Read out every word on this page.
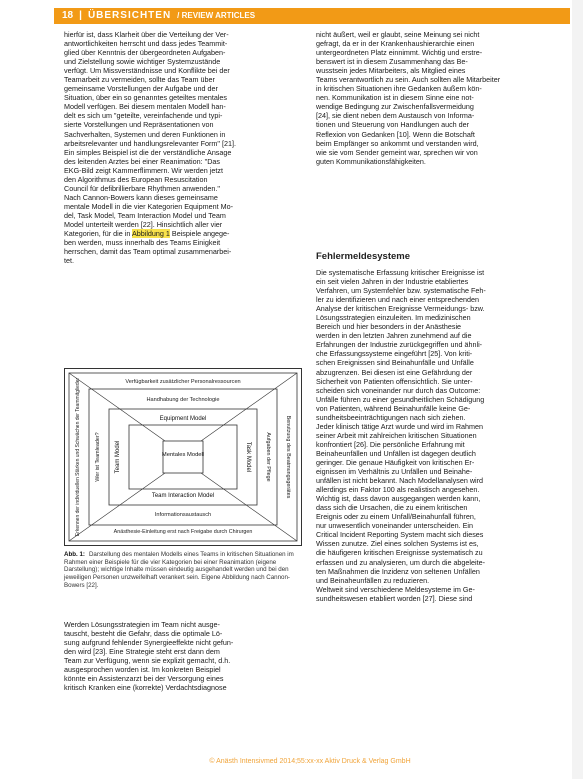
18 | ÜBERSICHTEN / REVIEW ARTICLES

hierfür ist, dass Klarheit über die Verteilung der Ver-
antwortlichkeiten herrscht und dass jedes Teammit-
glied über Kenntnis der übergeordneten Aufgaben-
und Zielstellung sowie wichtiger Systemzustände
verfügt. Um Missverständnisse und Konflikte bei der
Teamarbeit zu vermeiden, sollte das Team über
gemeinsame Vorstellungen der Aufgabe und der
Situation, über ein so genanntes geteiltes mentales
Modell verfügen. Bei diesem mentalen Modell han-
delt es sich um "geteilte, vereinfachende und typi-
sierte Vorstellungen und Repräsentationen von
Sachverhalten, Systemen und deren Funktionen in
arbeitsrelevanter und handlungsrelevanter Form" [21].
Ein simples Beispiel ist die der verständliche Ansage
des leitenden Arztes bei einer Reanimation: "Das
EKG-Bild zeigt Kammerflimmern. Wir werden jetzt
den Algorithmus des European Resuscitation
Council für defibrillierbare Rhythmen anwenden."
Nach Cannon-Bowers kann dieses gemeinsame
mentale Modell in die vier Kategorien Equipment Mo-
del, Task Model, Team Interaction Model und Team
Model unterteilt werden [22]. Hinsichtlich aller vier
Kategorien, für die in Abbildung 1 Beispiele angege-
ben werden, muss innerhalb des Teams Einigkeit
herrschen, damit das Team optimal zusammenarbei-
tet.

Verfügbarkeit zusätzlicher Personalressourcen
Handhabung der Technologie
Equipment Model
Team Interaction Model
Informationsaustausch
Anästhesie-Einleitung erst nach Freigabe durch Chirurgen
Mentales Modell
Erkennen der individuellen Stärken und Schwächen der Teammitglieder	Wer ist Teamleader? Team Model	Task Model	Aufgaben der Pflege	Benutzung des Beatmungsgerätes
Abb. 1: Darstellung des mentalen Modells eines Teams in kritischen Situationen im Rahmen einer Beispiele für die vier Kategorien bei einer Reanimation (eigene Darstellung); wichtige Inhalte müssen eindeutig ausgehandelt werden und bei den jeweiligen Personen unzweifelhaft verankert sein. Eigene Abbildung nach Cannon-Bowers [22].

Werden Lösungsstrategien im Team nicht ausge-
tauscht, besteht die Gefahr, dass die optimale Lö-
sung aufgrund fehlender Synergieeffekte nicht gefun-
den wird [23]. Eine Strategie steht erst dann dem
Team zur Verfügung, wenn sie explizit gemacht, d.h.
ausgesprochen worden ist. Im konkreten Beispiel
könnte ein Assistenzarzt bei der Versorgung eines
kritisch Kranken eine (korrekte) Verdachtsdiagnose

nicht äußert, weil er glaubt, seine Meinung sei nicht
gefragt, da er in der Krankenhaushierarchie einen
untergeordneten Platz einnimmt. Wichtig und erstre-
benswert ist in diesem Zusammenhang das Be-
wusstsein jedes Mitarbeiters, als Mitglied eines
Teams verantwortlich zu sein. Auch sollten alle Mitarbeiter
in kritischen Situationen ihre Gedanken äußern kön-
nen. Kommunikation ist in diesem Sinne eine not-
wendige Bedingung zur Zwischenfallsvermeidung
[24], sie dient neben dem Austausch von Informa-
tionen und Steuerung von Handlungen auch der
Reflexion von Gedanken [10]. Wenn die Botschaft
beim Empfänger so ankommt und verstanden wird,
wie sie vom Sender gemeint war, sprechen wir von
guten Kommunikationsfähigkeiten.

Fehlermeldesysteme

Die systematische Erfassung kritischer Ereignisse ist
ein seit vielen Jahren in der Industrie etabliertes
Verfahren, um Systemfehler bzw. systematische Feh-
ler zu identifizieren und nach einer entsprechenden
Analyse der kritischen Ereignisse Vermeidungs- bzw.
Lösungsstrategien einzuleiten. Im medizinischen
Bereich und hier besonders in der Anästhesie
werden in den letzten Jahren zunehmend auf die
Erfahrungen der Industrie zurückgegriffen und ähnli-
che Erfassungssysteme eingeführt [25]. Von kriti-
schen Ereignissen sind Beinahunfälle und Unfälle
abzugrenzen. Bei diesen ist eine Gefährdung der
Sicherheit von Patienten offensichtlich. Sie unter-
scheiden sich voneinander nur durch das Outcome:
Unfälle führen zu einer gesundheitlichen Schädigung
von Patienten, während Beinahunfälle keine Ge-
sundheitsbeeinträchtigungen nach sich ziehen.
Jeder klinisch tätige Arzt wurde und wird im Rahmen
seiner Arbeit mit zahlreichen kritischen Situationen
konfrontiert [26]. Die persönliche Erfahrung mit
Beinaheunfällen und Unfällen ist dagegen deutlich
geringer. Die genaue Häufigkeit von kritischen Er-
eignissen im Verhältnis zu Unfällen und Beinahe-
unfällen ist nicht bekannt. Nach Modellanalysen wird
allerdings ein Faktor 100 als realistisch angesehen.
Wichtig ist, dass davon ausgegangen werden kann,
dass sich die Ursachen, die zu einem kritischen
Ereignis oder zu einem Unfall/Beinahunfall führen,
nur unwesentlich voneinander unterscheiden. Ein
Critical Incident Reporting System macht sich dieses
Wissen zunutze. Ziel eines solchen Systems ist es,
die häufigeren kritischen Ereignisse systematisch zu
erfassen und zu analysieren, um durch die abgeleite-
ten Maßnahmen die Inzidenz von seltenen Unfällen
und Beinaheunfällen zu reduzieren.
Weltweit sind verschiedene Meldesysteme im Ge-
sundheitswesen etabliert worden [27]. Diese sind

© Anästh Intensivmed 2014;55:xx-xx Aktiv Druck & Verlag GmbH
